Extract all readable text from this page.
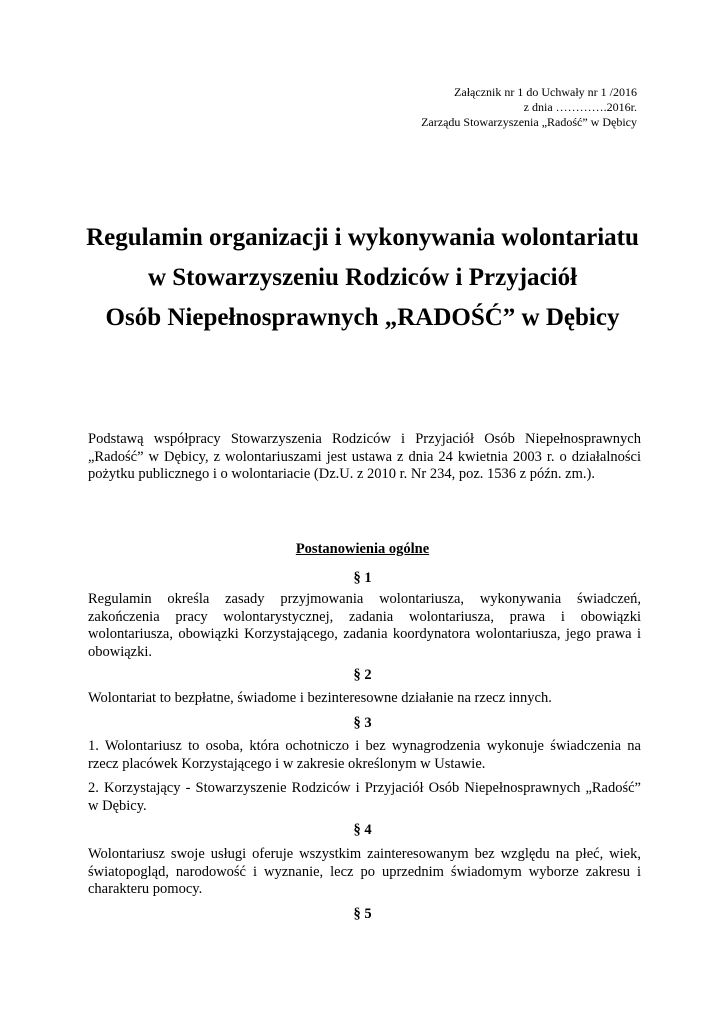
Załącznik nr 1 do Uchwały nr 1 /2016
z dnia ………….2016r.
Zarządu Stowarzyszenia „Radość” w Dębicy
Regulamin organizacji i wykonywania wolontariatu
w Stowarzyszeniu Rodziców i Przyjaciół
Osób Niepełnosprawnych „RADOŚĆ” w Dębicy
Podstawą współpracy Stowarzyszenia Rodziców i Przyjaciół Osób Niepełnosprawnych „Radość” w Dębicy, z wolontariuszami jest ustawa z dnia 24 kwietnia 2003 r. o działalności pożytku publicznego i o wolontariacie (Dz.U. z 2010 r. Nr 234, poz. 1536 z późn. zm.).
Postanowienia ogólne
§ 1
Regulamin określa zasady przyjmowania wolontariusza, wykonywania świadczeń, zakończenia pracy wolontarystycznej, zadania wolontariusza, prawa i obowiązki wolontariusza, obowiązki Korzystającego, zadania koordynatora wolontariusza, jego prawa i obowiązki.
§ 2
Wolontariat to bezpłatne, świadome i bezinteresowne działanie na rzecz innych.
§ 3
1. Wolontariusz to osoba, która ochotniczo i bez wynagrodzenia wykonuje świadczenia na rzecz placówek Korzystającego i w zakresie określonym w Ustawie.
2. Korzystający - Stowarzyszenie Rodziców i Przyjaciół Osób Niepełnosprawnych „Radość” w Dębicy.
§ 4
Wolontariusz swoje usługi oferuje wszystkim zainteresowanym bez względu na płeć, wiek, światopogląd, narodowość i wyznanie, lecz po uprzednim świadomym wyborze zakresu i charakteru pomocy.
§ 5
